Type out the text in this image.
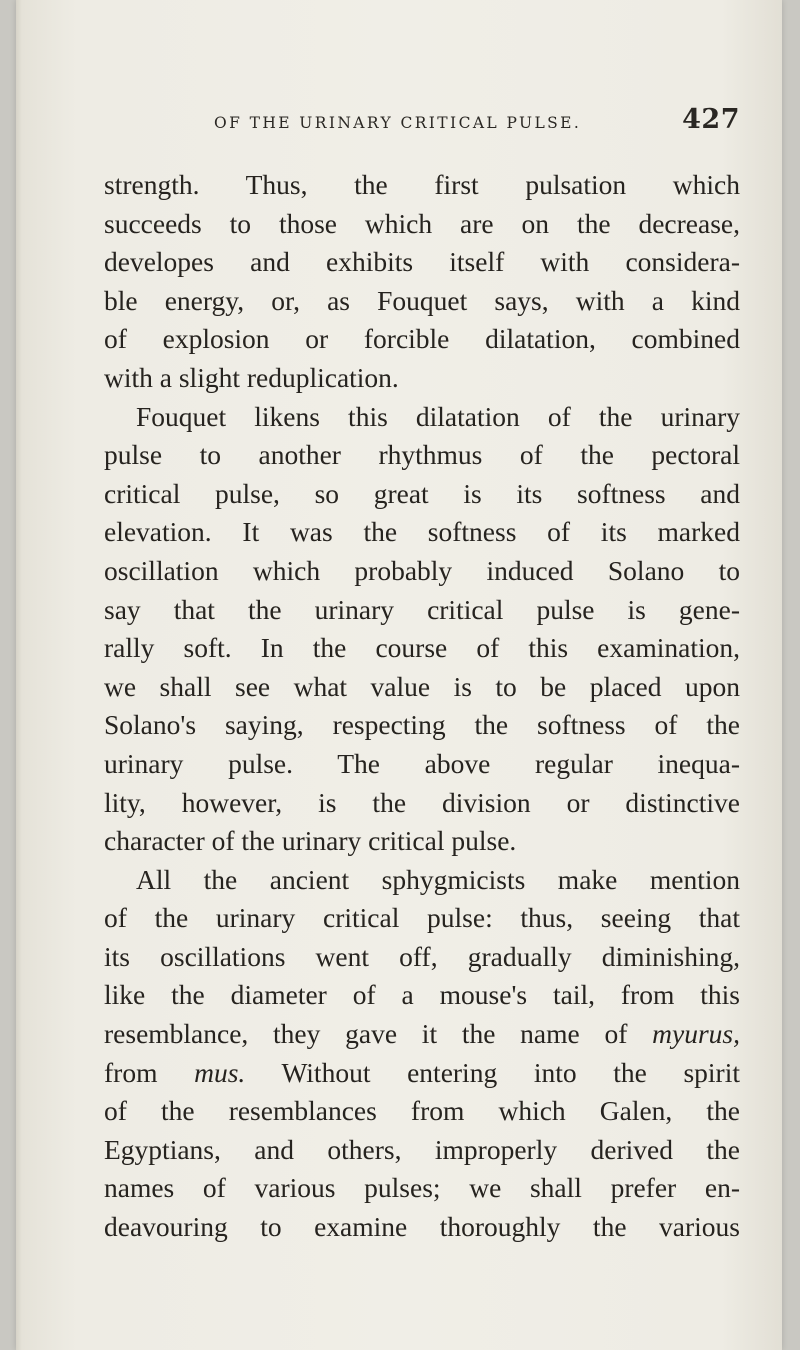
OF THE URINARY CRITICAL PULSE.	427
strength. Thus, the first pulsation which
succeeds to those which are on the decrease,
developes and exhibits itself with considera-
ble energy, or, as Fouquet says, with a kind
of explosion or forcible dilatation, combined
with a slight reduplication.
Fouquet likens this dilatation of the urinary
pulse to another rhythmus of the pectoral
critical pulse, so great is its softness and
elevation. It was the softness of its marked
oscillation which probably induced Solano to
say that the urinary critical pulse is gene-
rally soft. In the course of this examination,
we shall see what value is to be placed upon
Solano's saying, respecting the softness of the
urinary pulse. The above regular inequa-
lity, however, is the division or distinctive
character of the urinary critical pulse.
All the ancient sphygmicists make mention
of the urinary critical pulse: thus, seeing that
its oscillations went off, gradually diminishing,
like the diameter of a mouse's tail, from this
resemblance, they gave it the name of myurus,
from mus. Without entering into the spirit
of the resemblances from which Galen, the
Egyptians, and others, improperly derived the
names of various pulses; we shall prefer en-
deavouring to examine thoroughly the various
